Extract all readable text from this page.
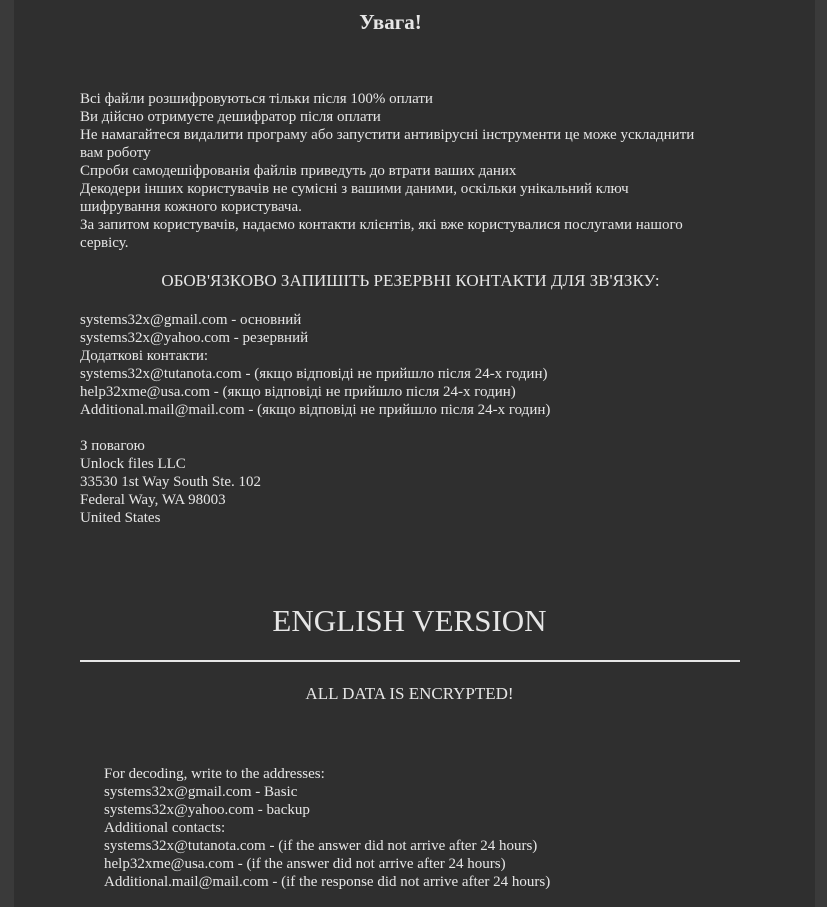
Увага!
Всі файли розшифровуються тільки після 100% оплати
Ви дійсно отримуєте дешифратор після оплати
Не намагайтеся видалити програму або запустити антивірусні інструменти це може ускладнити
вам роботу
Спроби самодешіфрованія файлів приведуть до втрати ваших даних
Декодери інших користувачів не сумісні з вашими даними, оскільки унікальний ключ
шифрування кожного користувача.
За запитом користувачів, надаємо контакти клієнтів, які вже користувалися послугами нашого
сервісу.
ОБОВ'ЯЗКОВО ЗАПИШІТЬ РЕЗЕРВНІ КОНТАКТИ ДЛЯ ЗВ'ЯЗКУ:
systems32x@gmail.com - основний
systems32x@yahoo.com - резервний
Додаткові контакти:
systems32x@tutanota.com - (якщо відповіді не прийшло після 24-х годин)
help32xme@usa.com - (якщо відповіді не прийшло після 24-х годин)
Additional.mail@mail.com - (якщо відповіді не прийшло після 24-х годин)
З повагою
Unlock files LLC
33530 1st Way South Ste. 102
Federal Way, WA 98003
United States
ENGLISH VERSION
ALL DATA IS ENCRYPTED!
For decoding, write to the addresses:
systems32x@gmail.com - Basic
systems32x@yahoo.com - backup
Additional contacts:
systems32x@tutanota.com - (if the answer did not arrive after 24 hours)
help32xme@usa.com - (if the answer did not arrive after 24 hours)
Additional.mail@mail.com - (if the response did not arrive after 24 hours)
